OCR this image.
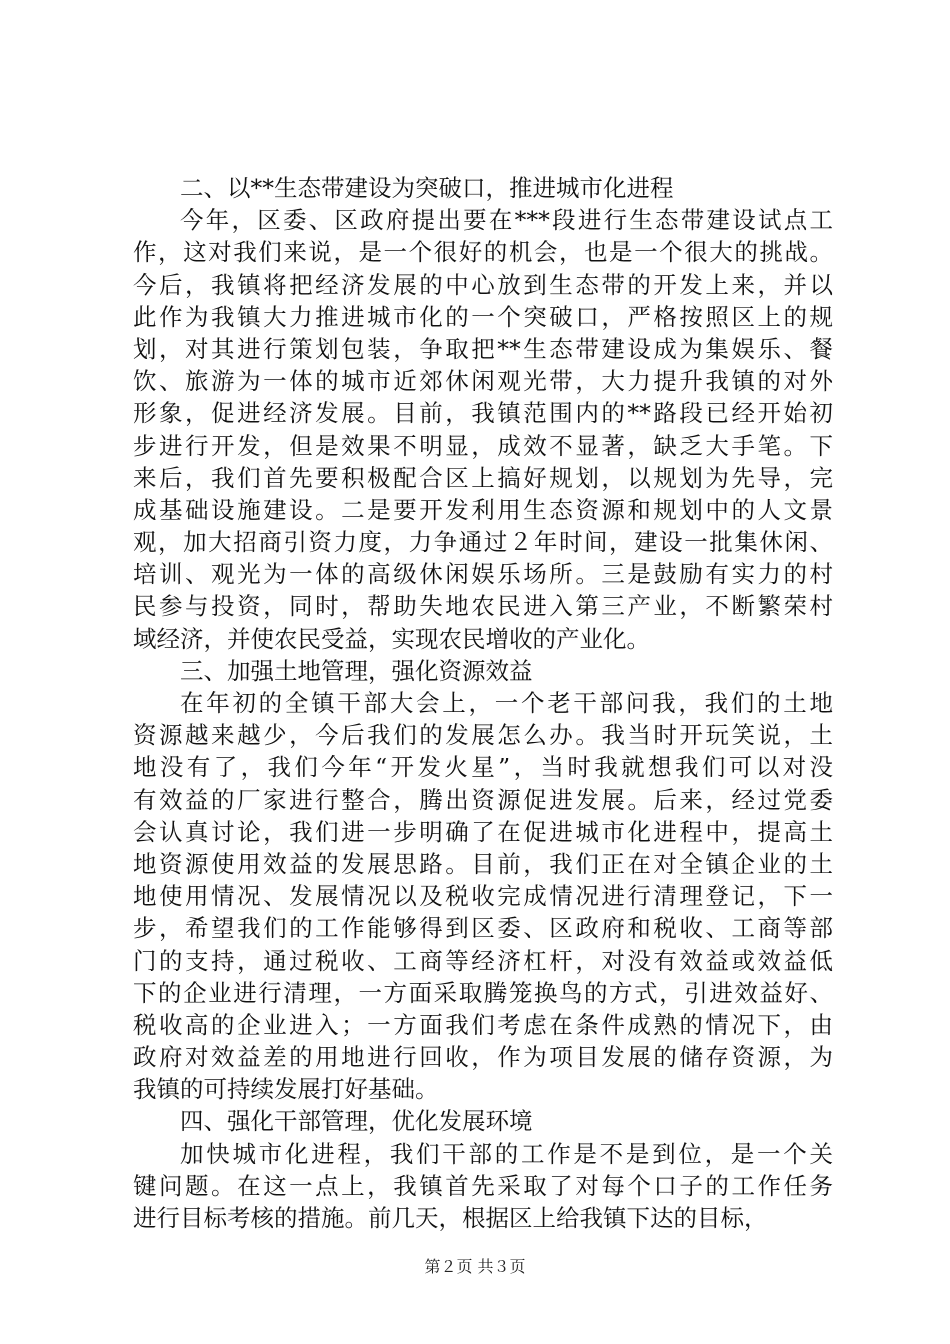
二、以**生态带建设为突破口，推进城市化进程
今年，区委、区政府提出要在***段进行生态带建设试点工
作，这对我们来说，是一个很好的机会，也是一个很大的挑战。
今后，我镇将把经济发展的中心放到生态带的开发上来，并以
此作为我镇大力推进城市化的一个突破口，严格按照区上的规
划，对其进行策划包装，争取把**生态带建设成为集娱乐、餐
饮、旅游为一体的城市近郊休闲观光带，大力提升我镇的对外
形象，促进经济发展。目前，我镇范围内的**路段已经开始初
步进行开发，但是效果不明显，成效不显著，缺乏大手笔。下
来后，我们首先要积极配合区上搞好规划，以规划为先导，完
成基础设施建设。二是要开发利用生态资源和规划中的人文景
观，加大招商引资力度，力争通过２年时间，建设一批集休闲、
培训、观光为一体的高级休闲娱乐场所。三是鼓励有实力的村
民参与投资，同时，帮助失地农民进入第三产业，不断繁荣村
域经济，并使农民受益，实现农民增收的产业化。
三、加强土地管理，强化资源效益
在年初的全镇干部大会上，一个老干部问我，我们的土地
资源越来越少，今后我们的发展怎么办。我当时开玩笑说，土
地没有了，我们今年“开发火星”，当时我就想我们可以对没
有效益的厂家进行整合，腾出资源促进发展。后来，经过党委
会认真讨论，我们进一步明确了在促进城市化进程中，提高土
地资源使用效益的发展思路。目前，我们正在对全镇企业的土
地使用情况、发展情况以及税收完成情况进行清理登记，下一
步，希望我们的工作能够得到区委、区政府和税收、工商等部
门的支持，通过税收、工商等经济杠杆，对没有效益或效益低
下的企业进行清理，一方面采取腾笼换鸟的方式，引进效益好、
税收高的企业进入；一方面我们考虑在条件成熟的情况下，由
政府对效益差的用地进行回收，作为项目发展的储存资源，为
我镇的可持续发展打好基础。
四、强化干部管理，优化发展环境
加快城市化进程，我们干部的工作是不是到位，是一个关
键问题。在这一点上，我镇首先采取了对每个口子的工作任务
进行目标考核的措施。前几天，根据区上给我镇下达的目标，
第２页 共３页
